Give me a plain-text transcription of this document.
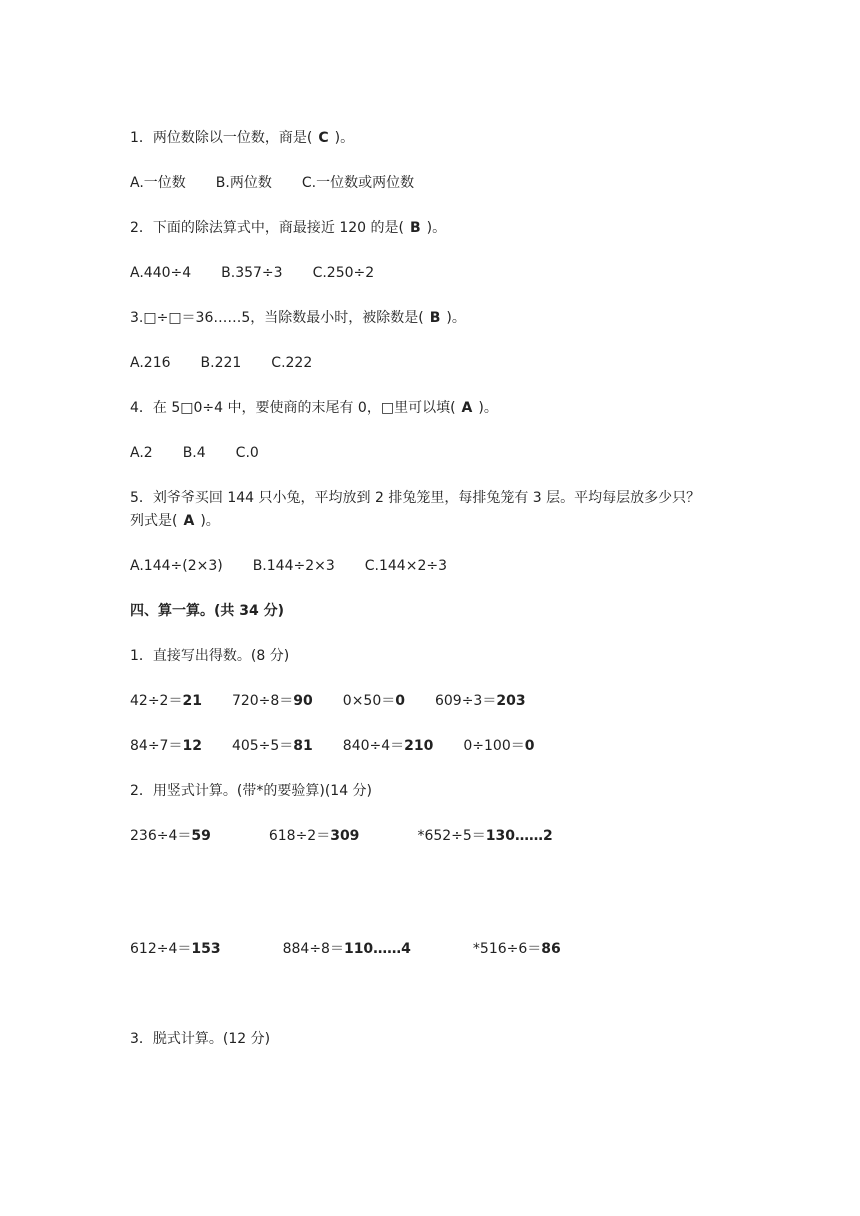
1．两位数除以一位数，商是( C )。
A.一位数 B.两位数 C.一位数或两位数
2．下面的除法算式中，商最接近 120 的是( B )。
A.440÷4 B.357÷3 C.250÷2
3.□÷□＝36……5，当除数最小时，被除数是( B )。
A.216 B.221 C.222
4．在 5□0÷4 中，要使商的末尾有 0，□里可以填( A )。
A.2 B.4 C.0
5．刘爷爷买回 144 只小兔，平均放到 2 排兔笼里，每排兔笼有 3 层。平均每层放多少只？
列式是( A )。
A.144÷(2×3) B.144÷2×3 C.144×2÷3
四、算一算。(共 34 分)
1．直接写出得数。(8 分)
42÷2＝21 720÷8＝90 0×50＝0 609÷3＝203
84÷7＝12 405÷5＝81 840÷4＝210 0÷100＝0
2．用竖式计算。(带*的要验算)(14 分)
236÷4＝59	618÷2＝309	*652÷5＝130……2
612÷4＝153	884÷8＝110……4	*516÷6＝86
3．脱式计算。(12 分)
